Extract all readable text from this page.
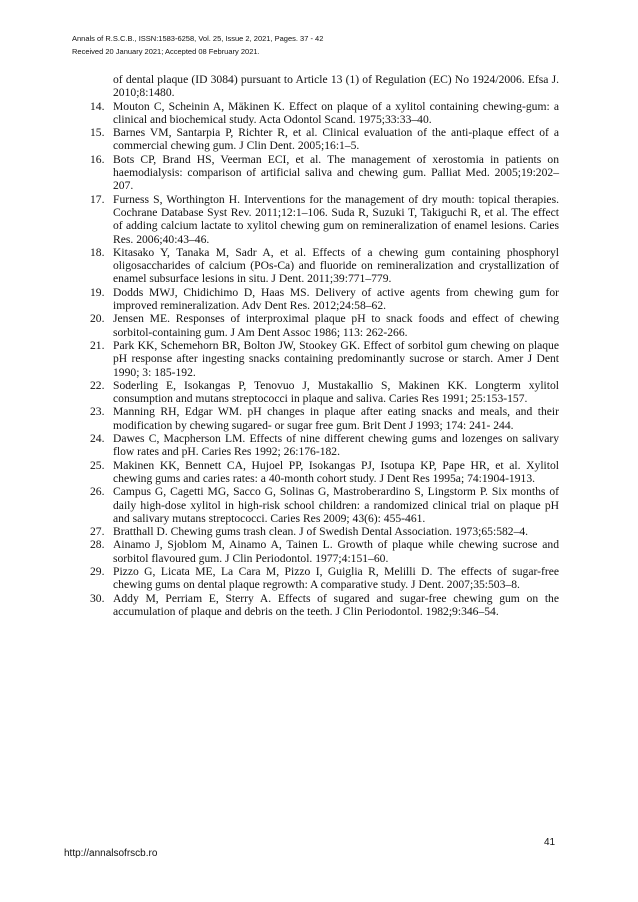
Annals of R.S.C.B., ISSN:1583-6258, Vol. 25, Issue 2, 2021, Pages. 37 - 42
Received 20 January 2021; Accepted 08 February 2021.
of dental plaque (ID 3084) pursuant to Article 13 (1) of Regulation (EC) No 1924/2006. Efsa J. 2010;8:1480.
14. Mouton C, Scheinin A, Mäkinen K. Effect on plaque of a xylitol containing chewing-gum: a clinical and biochemical study. Acta Odontol Scand. 1975;33:33–40.
15. Barnes VM, Santarpia P, Richter R, et al. Clinical evaluation of the anti-plaque effect of a commercial chewing gum. J Clin Dent. 2005;16:1–5.
16. Bots CP, Brand HS, Veerman ECI, et al. The management of xerostomia in patients on haemodialysis: comparison of artificial saliva and chewing gum. Palliat Med. 2005;19:202–207.
17. Furness S, Worthington H. Interventions for the management of dry mouth: topical therapies. Cochrane Database Syst Rev. 2011;12:1–106. Suda R, Suzuki T, Takiguchi R, et al. The effect of adding calcium lactate to xylitol chewing gum on remineralization of enamel lesions. Caries Res. 2006;40:43–46.
18. Kitasako Y, Tanaka M, Sadr A, et al. Effects of a chewing gum containing phosphoryl oligosaccharides of calcium (POs-Ca) and fluoride on remineralization and crystallization of enamel subsurface lesions in situ. J Dent. 2011;39:771–779.
19. Dodds MWJ, Chidichimo D, Haas MS. Delivery of active agents from chewing gum for improved remineralization. Adv Dent Res. 2012;24:58–62.
20. Jensen ME. Responses of interproximal plaque pH to snack foods and effect of chewing sorbitol-containing gum. J Am Dent Assoc 1986; 113: 262-266.
21. Park KK, Schemehorn BR, Bolton JW, Stookey GK. Effect of sorbitol gum chewing on plaque pH response after ingesting snacks containing predominantly sucrose or starch. Amer J Dent 1990; 3: 185-192.
22. Soderling E, Isokangas P, Tenovuo J, Mustakallio S, Makinen KK. Longterm xylitol consumption and mutans streptococci in plaque and saliva. Caries Res 1991; 25:153-157.
23. Manning RH, Edgar WM. pH changes in plaque after eating snacks and meals, and their modification by chewing sugared- or sugar free gum. Brit Dent J 1993; 174: 241- 244.
24. Dawes C, Macpherson LM. Effects of nine different chewing gums and lozenges on salivary flow rates and pH. Caries Res 1992; 26:176-182.
25. Makinen KK, Bennett CA, Hujoel PP, Isokangas PJ, Isotupa KP, Pape HR, et al. Xylitol chewing gums and caries rates: a 40-month cohort study. J Dent Res 1995a; 74:1904-1913.
26. Campus G, Cagetti MG, Sacco G, Solinas G, Mastroberardino S, Lingstorm P. Six months of daily high-dose xylitol in high-risk school children: a randomized clinical trial on plaque pH and salivary mutans streptococci. Caries Res 2009; 43(6): 455-461.
27. Bratthall D. Chewing gums trash clean. J of Swedish Dental Association. 1973;65:582–4.
28. Ainamo J, Sjoblom M, Ainamo A, Tainen L. Growth of plaque while chewing sucrose and sorbitol flavoured gum. J Clin Periodontol. 1977;4:151–60.
29. Pizzo G, Licata ME, La Cara M, Pizzo I, Guiglia R, Melilli D. The effects of sugar-free chewing gums on dental plaque regrowth: A comparative study. J Dent. 2007;35:503–8.
30. Addy M, Perriam E, Sterry A. Effects of sugared and sugar-free chewing gum on the accumulation of plaque and debris on the teeth. J Clin Periodontol. 1982;9:346–54.
http://annalsofrscb.ro
41
